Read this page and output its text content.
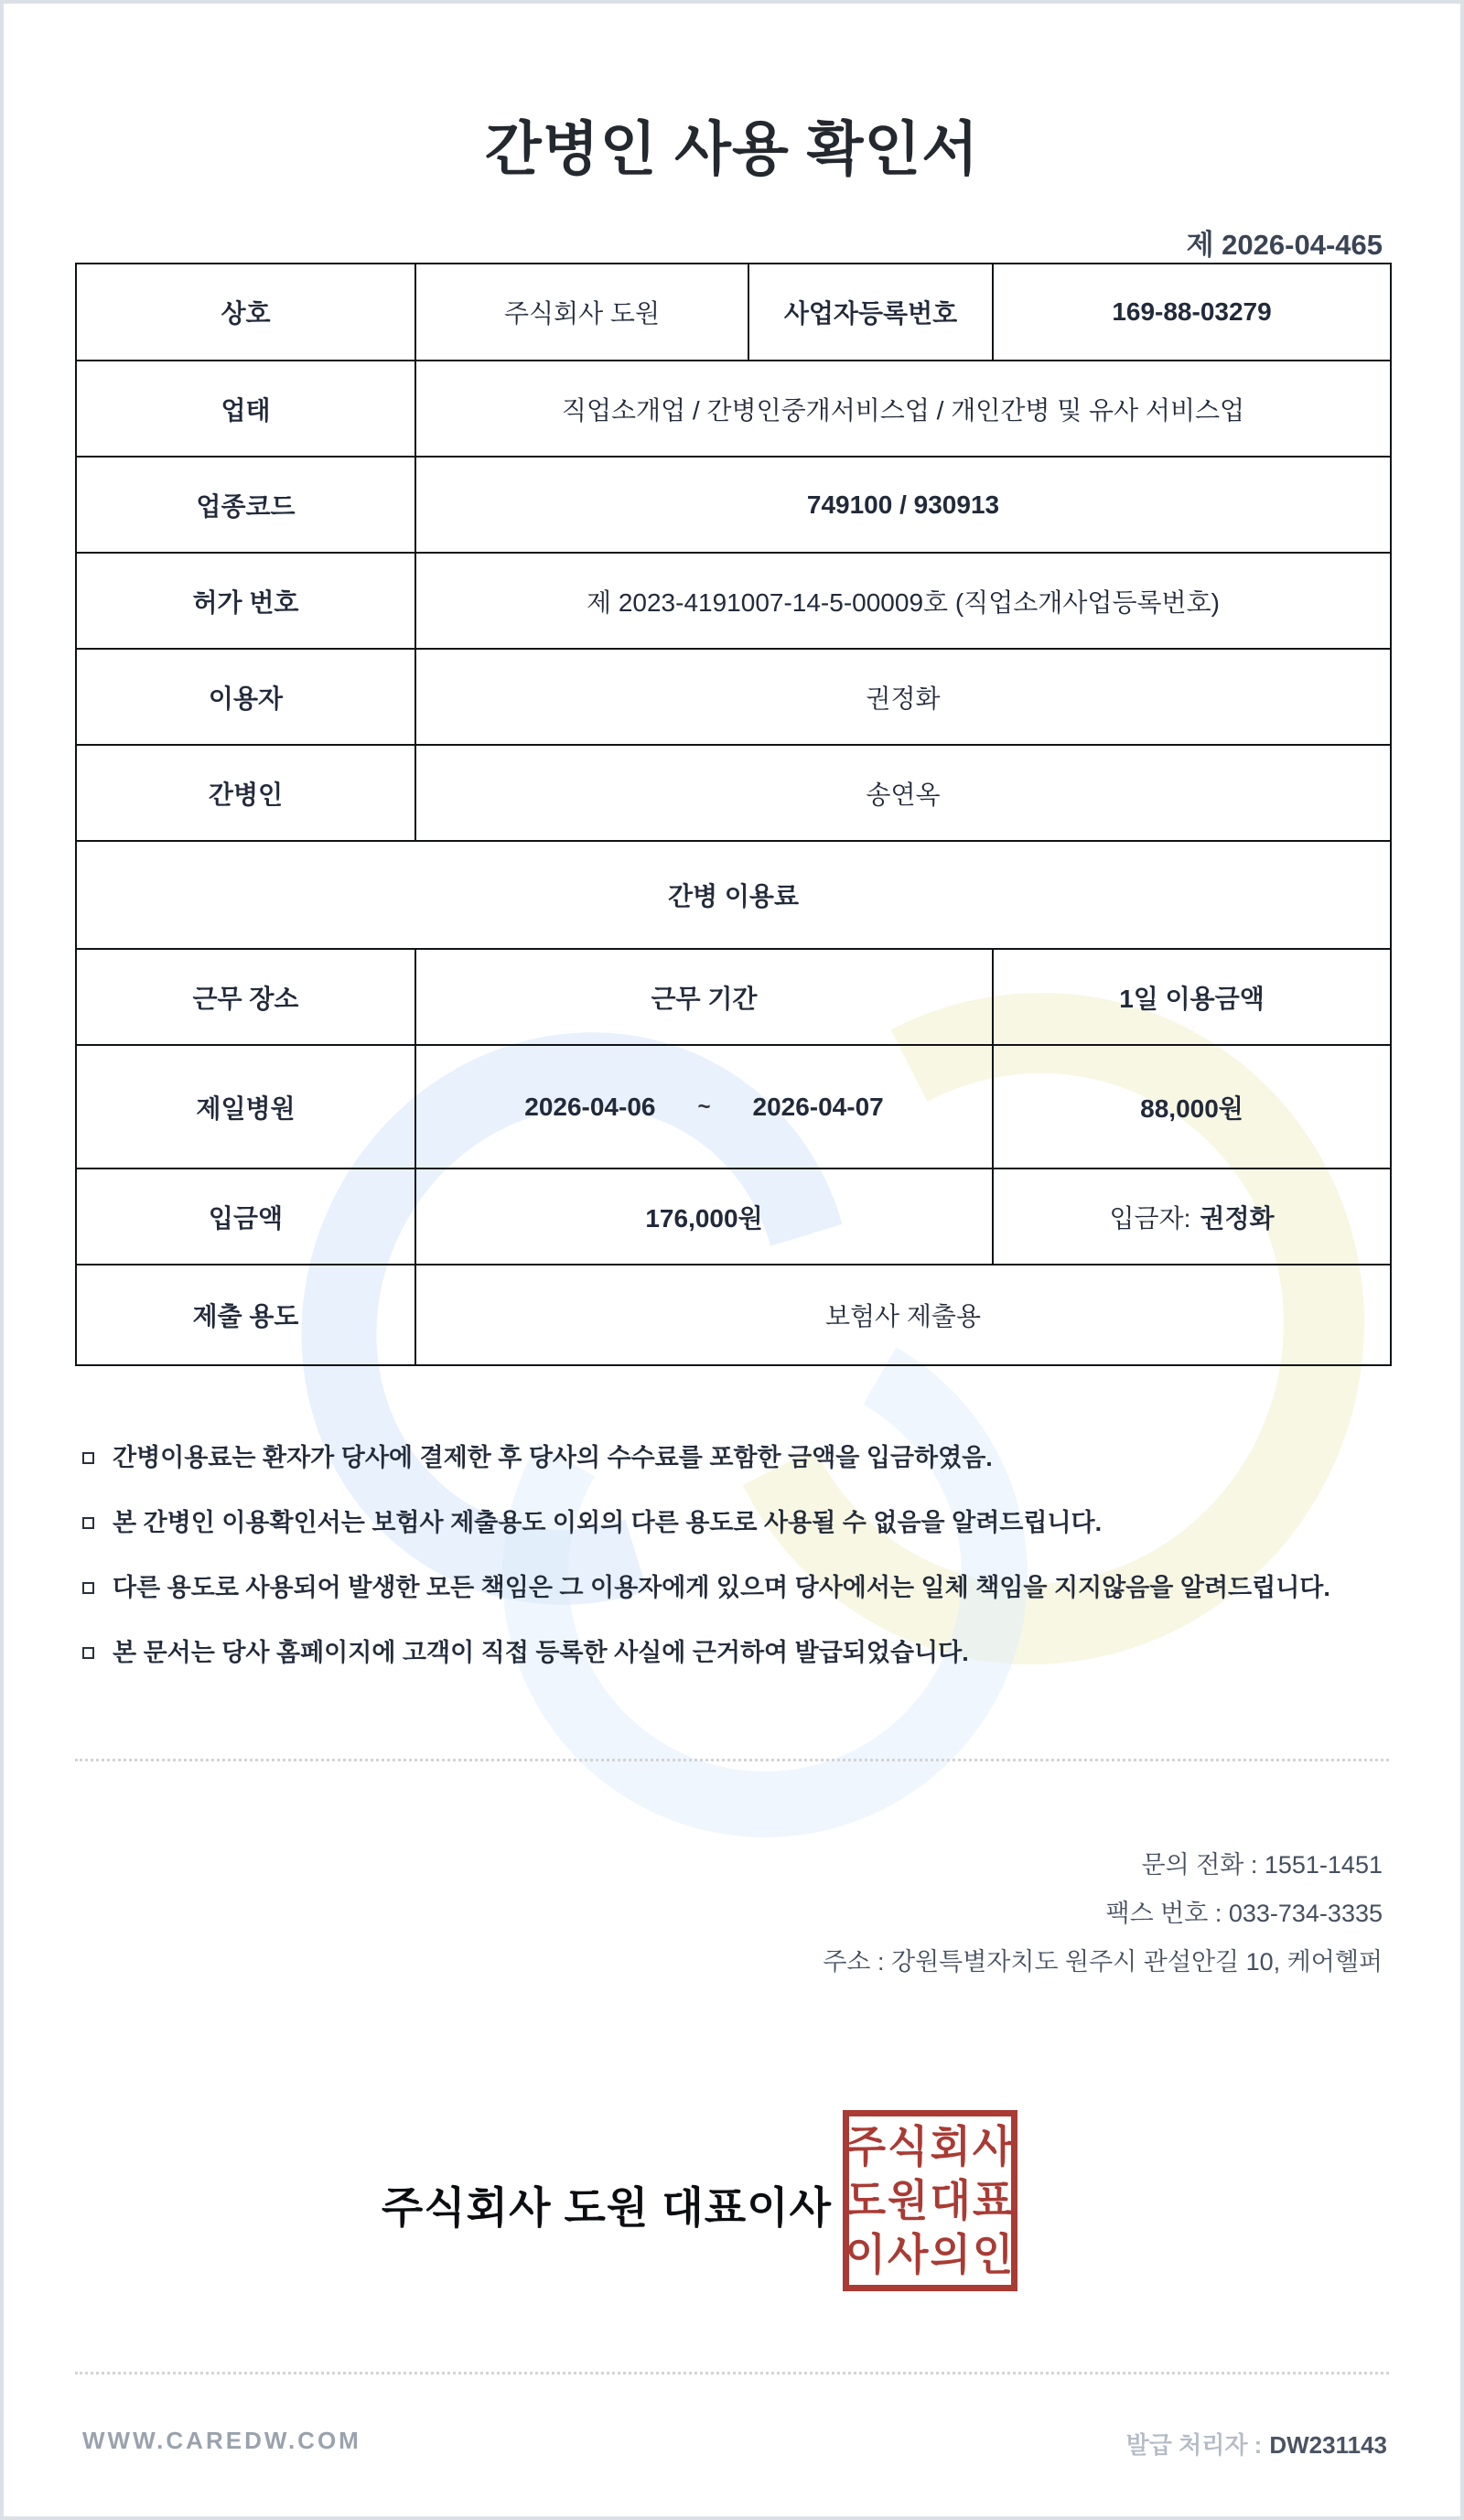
간병인 사용 확인서
제 2026-04-465
상호	주식회사 도원	사업자등록번호	169-88-03279
업태	직업소개업 / 간병인중개서비스업 / 개인간병 및 유사 서비스업		
업종코드	749100 / 930913		
허가 번호	제 2023-4191007-14-5-00009호 (직업소개사업등록번호)		
이용자	권정화		
간병인	송연옥		
간병 이용료			
근무 장소	근무 기간		1일 이용금액
제일병원	2026-04-06 ~ 2026-04-07		88,000원
입금액	176,000원		입금자: 권정화
제출 용도	보험사 제출용		
간병이용료는 환자가 당사에 결제한 후 당사의 수수료를 포함한 금액을 입금하였음.
본 간병인 이용확인서는 보험사 제출용도 이외의 다른 용도로 사용될 수 없음을 알려드립니다.
다른 용도로 사용되어 발생한 모든 책임은 그 이용자에게 있으며 당사에서는 일체 책임을 지지않음을 알려드립니다.
본 문서는 당사 홈페이지에 고객이 직접 등록한 사실에 근거하여 발급되었습니다.
문의 전화 : 1551-1451
팩스 번호 : 033-734-3335
주소 : 강원특별자치도 원주시 관설안길 10, 케어헬퍼
주식회사 도원 대표이사
주식회사
도원대표
이사의인
WWW.CAREDW.COM	발급 처리자 : DW231143
